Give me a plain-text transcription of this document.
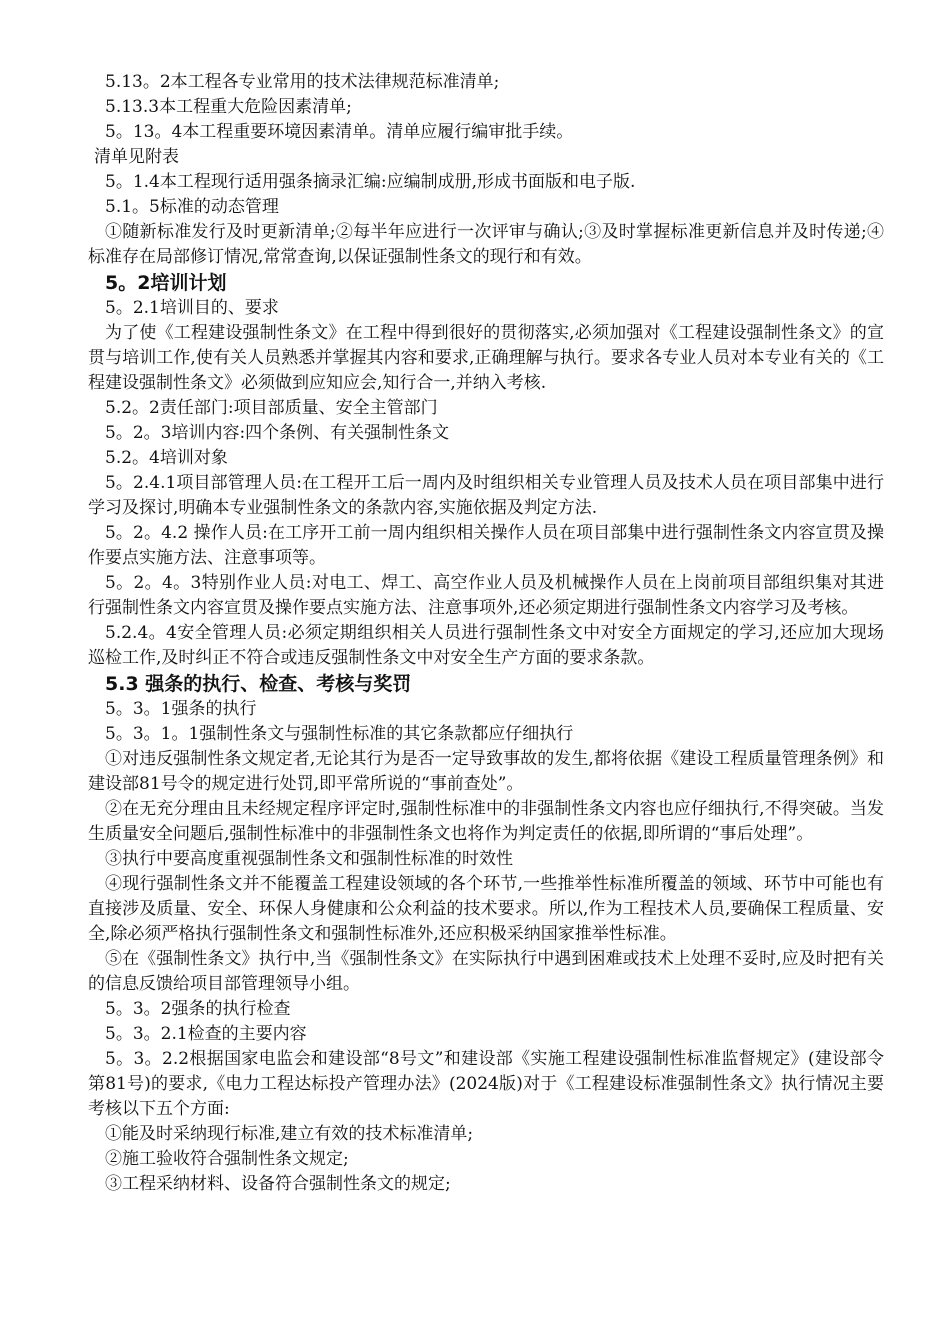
5.13。2本工程各专业常用的技术法律规范标准清单;

5.13.3本工程重大危险因素清单;

5。13。4本工程重要环境因素清单。清单应履行编审批手续。

清单见附表

5。1.4本工程现行适用强条摘录汇编:应编制成册,形成书面版和电子版.

5.1。5标准的动态管理

①随新标准发行及时更新清单;②每半年应进行一次评审与确认;③及时掌握标准更新信息并及时传递;④标准存在局部修订情况,常常查询,以保证强制性条文的现行和有效。

5。2培训计划

5。2.1培训目的、要求

为了使《工程建设强制性条文》在工程中得到很好的贯彻落实,必须加强对《工程建设强制性条文》的宣贯与培训工作,使有关人员熟悉并掌握其内容和要求,正确理解与执行。要求各专业人员对本专业有关的《工程建设强制性条文》必须做到应知应会,知行合一,并纳入考核.

5.2。2责任部门:项目部质量、安全主管部门

5。2。3培训内容:四个条例、有关强制性条文

5.2。4培训对象

5。2.4.1项目部管理人员:在工程开工后一周内及时组织相关专业管理人员及技术人员在项目部集中进行学习及探讨,明确本专业强制性条文的条款内容,实施依据及判定方法.

5。2。4.2 操作人员:在工序开工前一周内组织相关操作人员在项目部集中进行强制性条文内容宣贯及操作要点实施方法、注意事项等。

5。2。4。3特别作业人员:对电工、焊工、高空作业人员及机械操作人员在上岗前项目部组织集对其进行强制性条文内容宣贯及操作要点实施方法、注意事项外,还必须定期进行强制性条文内容学习及考核。

5.2.4。4安全管理人员:必须定期组织相关人员进行强制性条文中对安全方面规定的学习,还应加大现场巡检工作,及时纠正不符合或违反强制性条文中对安全生产方面的要求条款。

5.3 强条的执行、检查、考核与奖罚

5。3。1强条的执行

5。3。1。1强制性条文与强制性标准的其它条款都应仔细执行

①对违反强制性条文规定者,无论其行为是否一定导致事故的发生,都将依据《建设工程质量管理条例》和建设部81号令的规定进行处罚,即平常所说的“事前查处”。

②在无充分理由且未经规定程序评定时,强制性标准中的非强制性条文内容也应仔细执行,不得突破。当发生质量安全问题后,强制性标准中的非强制性条文也将作为判定责任的依据,即所谓的“事后处理”。

③执行中要高度重视强制性条文和强制性标准的时效性

④现行强制性条文并不能覆盖工程建设领域的各个环节,一些推举性标准所覆盖的领域、环节中可能也有直接涉及质量、安全、环保人身健康和公众利益的技术要求。所以,作为工程技术人员,要确保工程质量、安全,除必须严格执行强制性条文和强制性标准外,还应积极采纳国家推举性标准。

⑤在《强制性条文》执行中,当《强制性条文》在实际执行中遇到困难或技术上处理不妥时,应及时把有关的信息反馈给项目部管理领导小组。

5。3。2强条的执行检查

5。3。2.1检查的主要内容

5。3。2.2根据国家电监会和建设部“8号文”和建设部《实施工程建设强制性标准监督规定》(建设部令第81号)的要求,《电力工程达标投产管理办法》(2024版)对于《工程建设标准强制性条文》执行情况主要考核以下五个方面:

①能及时采纳现行标准,建立有效的技术标准清单;

②施工验收符合强制性条文规定;

③工程采纳材料、设备符合强制性条文的规定;
